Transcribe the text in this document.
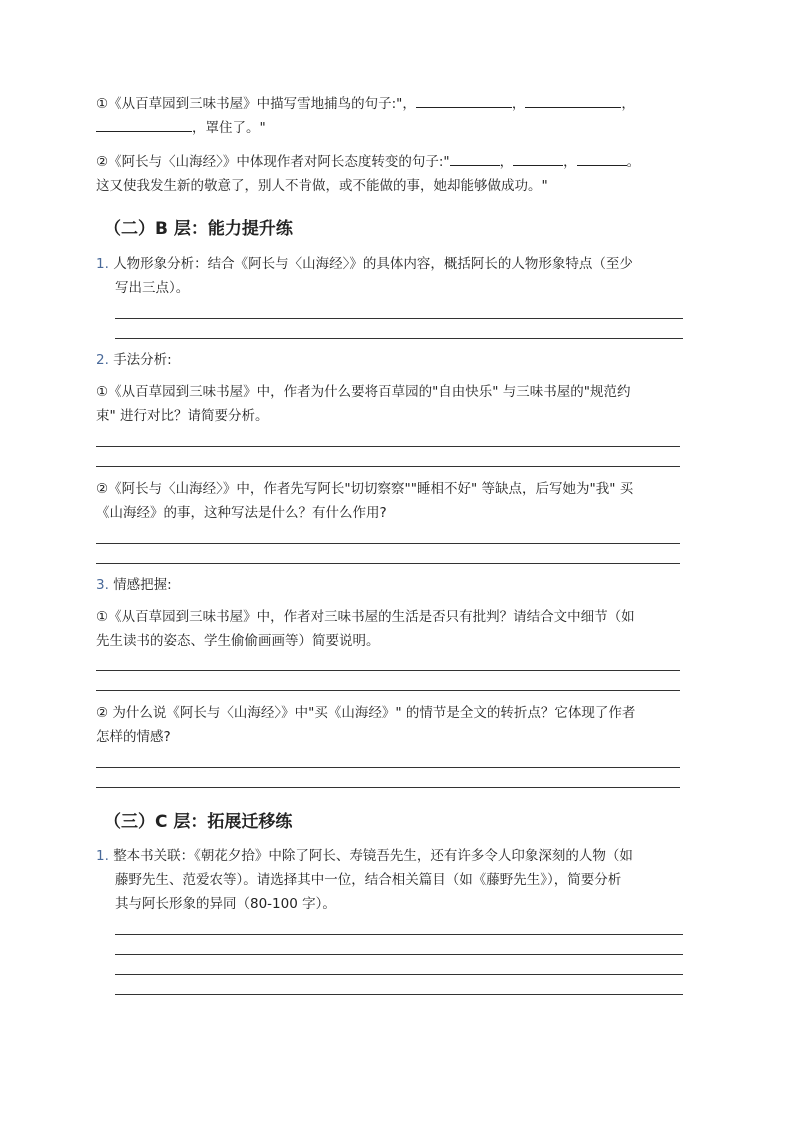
①《从百草园到三味书屋》中描写雪地捕鸟的句子:"，	，	，
，罩住了。"
②《阿长与〈山海经〉》中体现作者对阿长态度转变的句子:"	，	，	。
这又使我发生新的敬意了，别人不肯做，或不能做的事，她却能够做成功。"
（二）B 层：能力提升练
1. 人物形象分析：结合《阿长与〈山海经〉》的具体内容，概括阿长的人物形象特点（至少
写出三点）。
2. 手法分析:
①《从百草园到三味书屋》中，作者为什么要将百草园的"自由快乐" 与三味书屋的"规范约
束" 进行对比？请简要分析。
②《阿长与〈山海经〉》中，作者先写阿长"切切察察""睡相不好" 等缺点，后写她为"我" 买
《山海经》的事，这种写法是什么？有什么作用?
3. 情感把握:
①《从百草园到三味书屋》中，作者对三味书屋的生活是否只有批判？请结合文中细节（如
先生读书的姿态、学生偷偷画画等）简要说明。
② 为什么说《阿长与〈山海经〉》中"买《山海经》" 的情节是全文的转折点？它体现了作者
怎样的情感?
（三）C 层：拓展迁移练
1. 整本书关联：《朝花夕拾》中除了阿长、寿镜吾先生，还有许多令人印象深刻的人物（如
藤野先生、范爱农等）。请选择其中一位，结合相关篇目（如《藤野先生》），简要分析
其与阿长形象的异同（80-100 字）。
